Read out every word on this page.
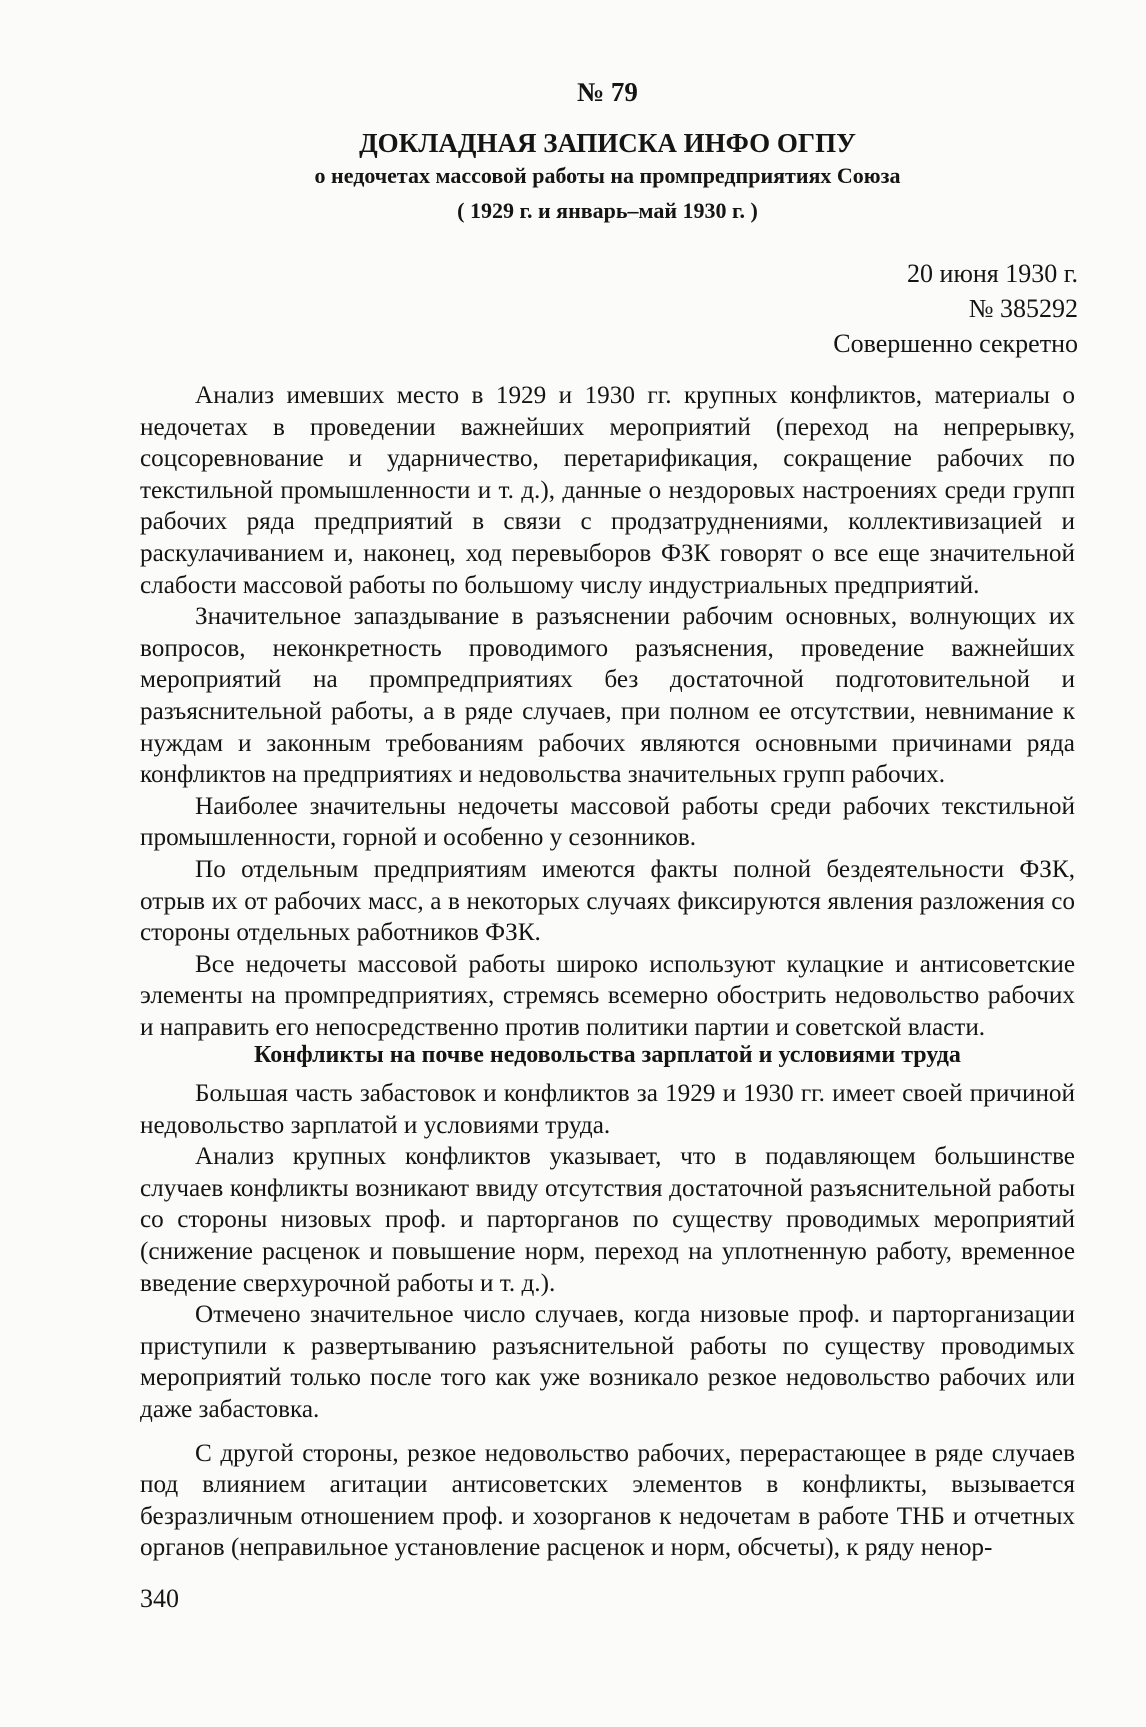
№ 79
ДОКЛАДНАЯ ЗАПИСКА ИНФО ОГПУ
о недочетах массовой работы на промпредприятиях Союза
( 1929 г. и январь–май 1930 г. )
20 июня 1930 г.
№ 385292
Совершенно секретно

Анализ имевших место в 1929 и 1930 гг. крупных конфликтов, материалы о недочетах в проведении важнейших мероприятий (переход на непрерывку, соцсоревнование и ударничество, перетарификация, сокращение рабочих по текстильной промышленности и т. д.), данные о нездоровых настроениях среди групп рабочих ряда предприятий в связи с продзатруднениями, коллективизацией и раскулачиванием и, наконец, ход перевыборов ФЗК говорят о все еще значительной слабости массовой работы по большому числу индустриальных предприятий.

Значительное запаздывание в разъяснении рабочим основных, волнующих их вопросов, неконкретность проводимого разъяснения, проведение важнейших мероприятий на промпредприятиях без достаточной подготовительной и разъяснительной работы, а в ряде случаев, при полном ее отсутствии, невнимание к нуждам и законным требованиям рабочих являются основными причинами ряда конфликтов на предприятиях и недовольства значительных групп рабочих.

Наиболее значительны недочеты массовой работы среди рабочих текстильной промышленности, горной и особенно у сезонников.

По отдельным предприятиям имеются факты полной бездеятельности ФЗК, отрыв их от рабочих масс, а в некоторых случаях фиксируются явления разложения со стороны отдельных работников ФЗК.

Все недочеты массовой работы широко используют кулацкие и антисоветские элементы на промпредприятиях, стремясь всемерно обострить недовольство рабочих и направить его непосредственно против политики партии и советской власти.

Конфликты на почве недовольства зарплатой и условиями труда

Большая часть забастовок и конфликтов за 1929 и 1930 гг. имеет своей причиной недовольство зарплатой и условиями труда.

Анализ крупных конфликтов указывает, что в подавляющем большинстве случаев конфликты возникают ввиду отсутствия достаточной разъяснительной работы со стороны низовых проф. и парторганов по существу проводимых мероприятий (снижение расценок и повышение норм, переход на уплотненную работу, временное введение сверхурочной работы и т. д.).

Отмечено значительное число случаев, когда низовые проф. и парторганизации приступили к развертыванию разъяснительной работы по существу проводимых мероприятий только после того как уже возникало резкое недовольство рабочих или даже забастовка.

С другой стороны, резкое недовольство рабочих, перерастающее в ряде случаев под влиянием агитации антисоветских элементов в конфликты, вызывается безразличным отношением проф. и хозорганов к недочетам в работе ТНБ и отчетных органов (неправильное установление расценок и норм, обсчеты), к ряду ненор-

340
